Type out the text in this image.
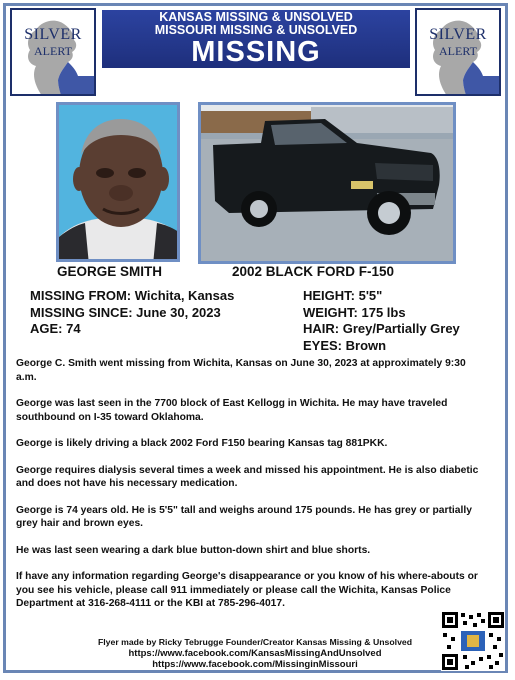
SILVER
ALERT
KANSAS MISSING & UNSOLVED
MISSOURI MISSING & UNSOLVED
MISSING
SILVER
ALERT
GEORGE SMITH	2002 BLACK FORD F-150
MISSING FROM: Wichita, Kansas
MISSING SINCE: June 30, 2023
AGE: 74
HEIGHT: 5'5"
WEIGHT: 175 lbs
HAIR: Grey/Partially Grey
EYES: Brown

George C. Smith went missing from Wichita, Kansas on June 30, 2023 at approximately 9:30 a.m.

George was last seen in the 7700 block of East Kellogg in Wichita. He may have traveled southbound on I-35 toward Oklahoma.

George is likely driving a black 2002 Ford F150 bearing Kansas tag 881PKK.

George requires dialysis several times a week and missed his appointment. He is also diabetic and does not have his necessary medication.

George is 74 years old. He is 5'5" tall and weighs around 175 pounds. He has grey or partially grey hair and brown eyes.

He was last seen wearing a dark blue button-down shirt and blue shorts.

If have any information regarding George's disappearance or you know of his where-abouts or you see his vehicle, please call 911 immediately or please call the Wichita, Kansas Police Department at 316-268-4111 or the KBI at 785-296-4017.

Flyer made by Ricky Tebrugge Founder/Creator Kansas Missing & Unsolved
https://www.facebook.com/KansasMissingAndUnsolved
https://www.facebook.com/MissinginMissouri
